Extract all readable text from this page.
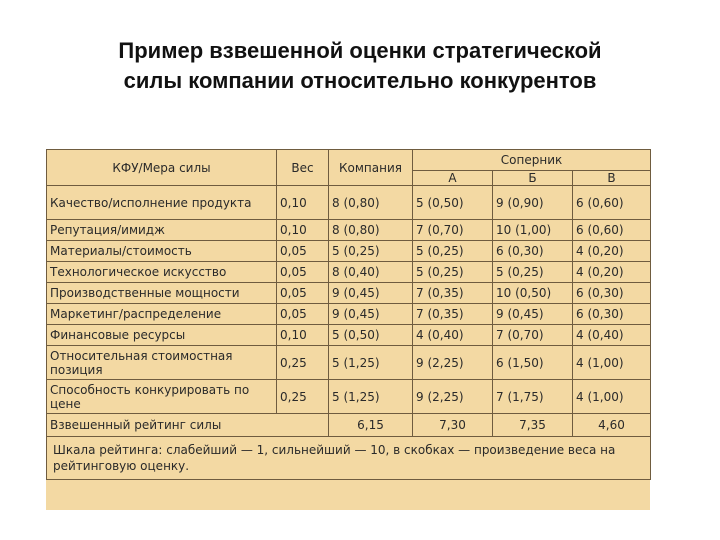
Пример взвешенной оценки стратегической
силы компании относительно конкурентов
КФУ/Мера силы	Вес	Компания	Соперник		
			А	Б	В
Качество/исполнение продукта	0,10	8 (0,80)	5 (0,50)	9 (0,90)	6 (0,60)
Репутация/имидж	0,10	8 (0,80)	7 (0,70)	10 (1,00)	6 (0,60)
Материалы/стоимость	0,05	5 (0,25)	5 (0,25)	6 (0,30)	4 (0,20)
Технологическое искусство	0,05	8 (0,40)	5 (0,25)	5 (0,25)	4 (0,20)
Производственные мощности	0,05	9 (0,45)	7 (0,35)	10 (0,50)	6 (0,30)
Маркетинг/распределение	0,05	9 (0,45)	7 (0,35)	9 (0,45)	6 (0,30)
Финансовые ресурсы	0,10	5 (0,50)	4 (0,40)	7 (0,70)	4 (0,40)
Относительная стоимостная позиция	0,25	5 (1,25)	9 (2,25)	6 (1,50)	4 (1,00)
Способность конкурировать по цене	0,25	5 (1,25)	9 (2,25)	7 (1,75)	4 (1,00)
Взвешенный рейтинг силы		6,15	7,30	7,35	4,60
Шкала рейтинга: слабейший — 1, сильнейший — 10, в скобках — произведение веса на рейтинговую оценку.					
